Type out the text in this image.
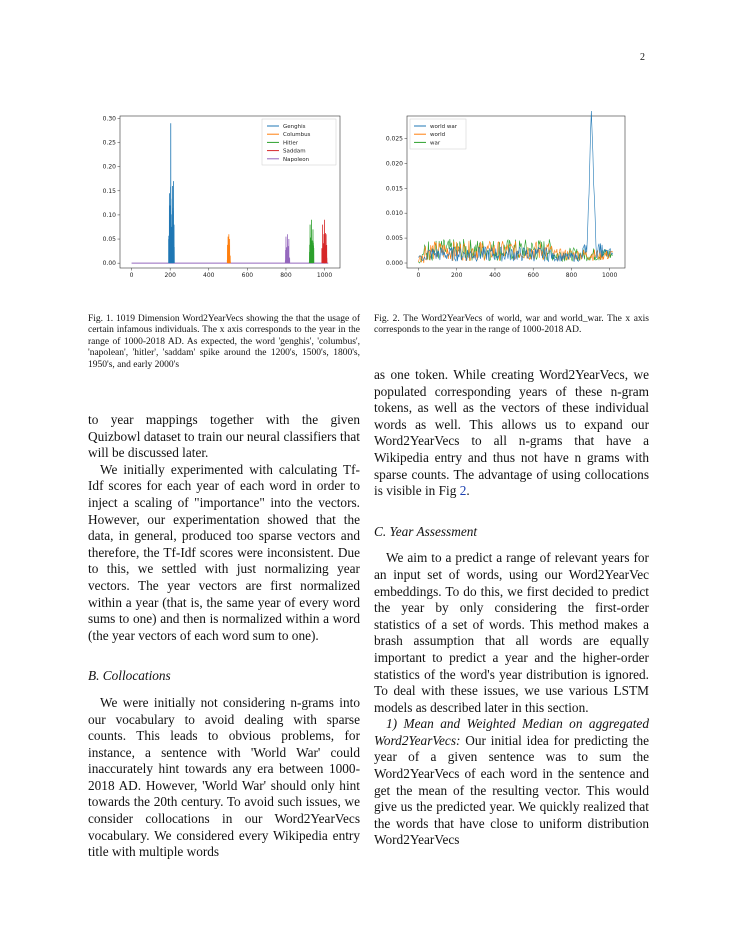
2
0	200	400	600	800	1000
0.00
0.05
0.10
0.15
0.20
0.25
0.30
Genghis
Columbus
Hitler
Saddam
Napoleon
Fig. 1. 1019 Dimension Word2YearVecs showing the that the usage of certain infamous individuals. The x axis corresponds to the year in the range of 1000-2018 AD. As expected, the word 'genghis', 'columbus', 'napolean', 'hitler', 'saddam' spike around the 1200's, 1500's, 1800's, 1950's, and early 2000's
0	200	400	600	800	1000
0.000
0.005
0.010
0.015
0.020
0.025
world war
world
war
Fig. 2. The Word2YearVecs of world, war and world_war. The x axis corresponds to the year in the range of 1000-2018 AD.

to year mappings together with the given Quizbowl dataset to train our neural classifiers that will be discussed later.

We initially experimented with calculating Tf-Idf scores for each year of each word in order to inject a scaling of "importance" into the vectors. However, our experimentation showed that the data, in general, produced too sparse vectors and therefore, the Tf-Idf scores were inconsistent. Due to this, we settled with just normalizing year vectors. The year vectors are first normalized within a year (that is, the same year of every word sums to one) and then is normalized within a word (the year vectors of each word sum to one).

B. Collocations

We were initially not considering n-grams into our vocabulary to avoid dealing with sparse counts. This leads to obvious problems, for instance, a sentence with 'World War' could inaccurately hint towards any era between 1000-2018 AD. However, 'World War' should only hint towards the 20th century. To avoid such issues, we consider collocations in our Word2YearVecs vocabulary. We considered every Wikipedia entry title with multiple words

as one token. While creating Word2YearVecs, we populated corresponding years of these n-gram tokens, as well as the vectors of these individual words as well. This allows us to expand our Word2YearVecs to all n-grams that have a Wikipedia entry and thus not have n grams with sparse counts. The advantage of using collocations is visible in Fig 2.

C. Year Assessment

We aim to a predict a range of relevant years for an input set of words, using our Word2YearVec embeddings. To do this, we first decided to predict the year by only considering the first-order statistics of a set of words. This method makes a brash assumption that all words are equally important to predict a year and the higher-order statistics of the word's year distribution is ignored. To deal with these issues, we use various LSTM models as described later in this section.

1) Mean and Weighted Median on aggregated Word2YearVecs: Our initial idea for predicting the year of a given sentence was to sum the Word2YearVecs of each word in the sentence and get the mean of the resulting vector. This would give us the predicted year. We quickly realized that the words that have close to uniform distribution Word2YearVecs
